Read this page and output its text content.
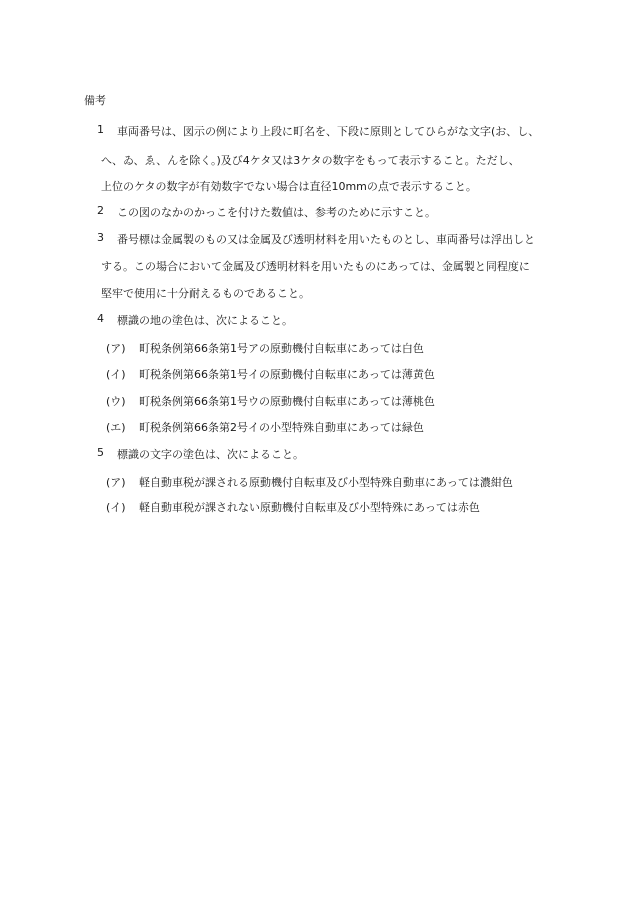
備考
1 車両番号は、図示の例により上段に町名を、下段に原則としてひらがな文字(お、し、
へ、ゐ、ゑ、んを除く。)及び4ケタ又は3ケタの数字をもって表示すること。ただし、
上位のケタの数字が有効数字でない場合は直径10mmの点で表示すること。
2 この図のなかのかっこを付けた数値は、参考のために示すこと。
3 番号標は金属製のもの又は金属及び透明材料を用いたものとし、車両番号は浮出しと
する。この場合において金属及び透明材料を用いたものにあっては、金属製と同程度に
堅牢で使用に十分耐えるものであること。
4 標識の地の塗色は、次によること。
(ア) 町税条例第66条第1号アの原動機付自転車にあっては白色
(イ) 町税条例第66条第1号イの原動機付自転車にあっては薄黄色
(ウ) 町税条例第66条第1号ウの原動機付自転車にあっては薄桃色
(エ) 町税条例第66条第2号イの小型特殊自動車にあっては緑色
5 標識の文字の塗色は、次によること。
(ア) 軽自動車税が課される原動機付自転車及び小型特殊自動車にあっては濃紺色
(イ) 軽自動車税が課されない原動機付自転車及び小型特殊にあっては赤色
